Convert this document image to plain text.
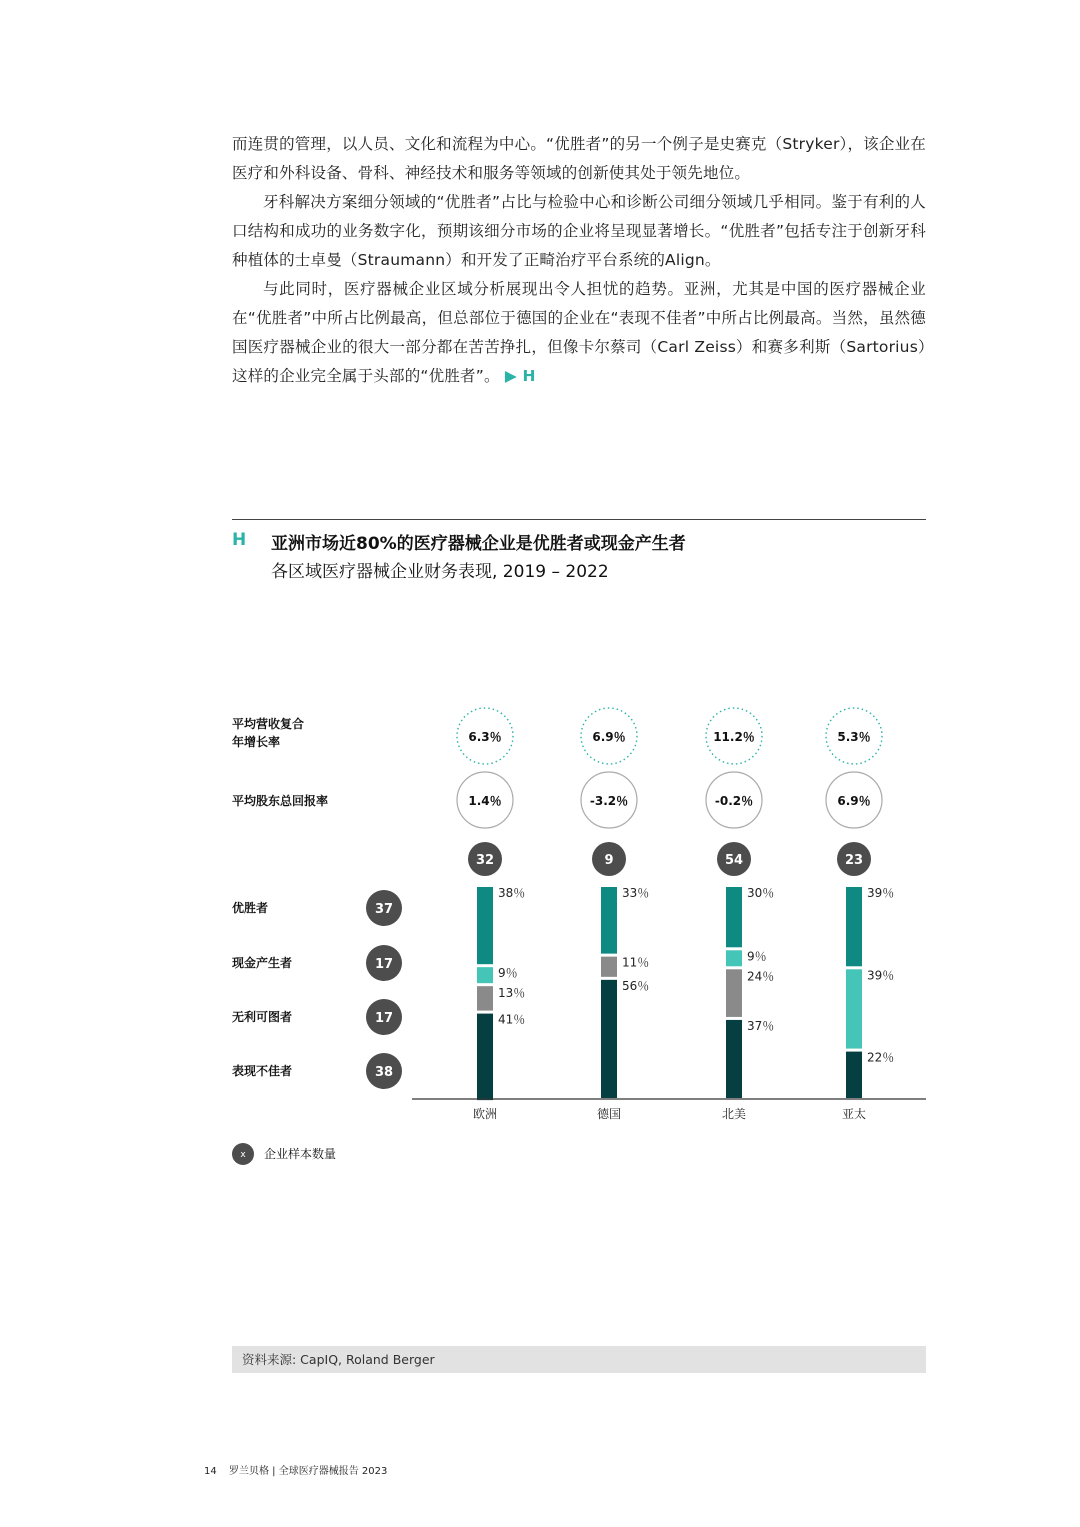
而连贯的管理，以人员、文化和流程为中心。“优胜者”的另一个例子是史赛克（Stryker），该企业在医疗和外科设备、骨科、神经技术和服务等领域的创新使其处于领先地位。

牙科解决方案细分领域的“优胜者”占比与检验中心和诊断公司细分领域几乎相同。鉴于有利的人口结构和成功的业务数字化，预期该细分市场的企业将呈现显著增长。“优胜者”包括专注于创新牙科种植体的士卓曼（Straumann）和开发了正畸治疗平台系统的Align。

与此同时，医疗器械企业区域分析展现出令人担忧的趋势。亚洲，尤其是中国的医疗器械企业在“优胜者”中所占比例最高，但总部位于德国的企业在“表现不佳者”中所占比例最高。当然，虽然德国医疗器械企业的很大一部分都在苦苦挣扎，但像卡尔蔡司（Carl Zeiss）和赛多利斯（Sartorius）这样的企业完全属于头部的“优胜者”。 ▶ H

H 亚洲市场近80%的医疗器械企业是优胜者或现金产生者
各区域医疗器械企业财务表现, 2019 – 2022
平均营收复合
年增长率	6.3％	6.9％	11.2％	5.3％
平均股东总回报率	1.4％	-3.2％	-0.2％	6.9％
32	9	54	23
优胜者	37
现金产生者	17
无利可图者	17
表现不佳者	38
38％
9％
13％
41％
欧洲
33％
11％
56％
德国
30％
9％
24％
37％
北美
39％
39％
22％
亚太
x 企业样本数量
资料来源: CapIQ, Roland Berger
14 罗兰贝格 | 全球医疗器械报告 2023
